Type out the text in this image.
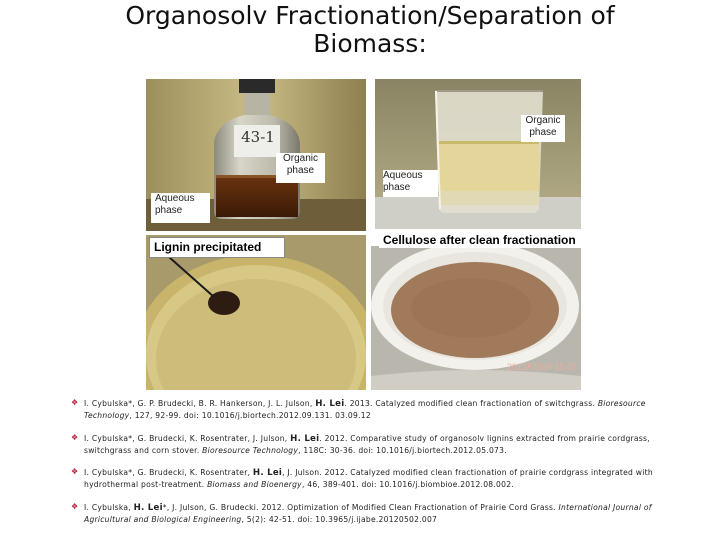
Organosolv Fractionation/Separation of
Biomass:
43-1
Organic phase
Aqueous phase
Organic phase
Aqueous phase
Lignin precipitated
2012/05/09 15:05
Cellulose after clean fractionation
❖ I. Cybulska*, G. P. Brudecki, B. R. Hankerson, J. L. Julson, H. Lei. 2013. Catalyzed modified clean fractionation of switchgrass. Bioresource Technology, 127, 92-99. doi: 10.1016/j.biortech.2012.09.131. 03.09.12
❖ I. Cybulska*, G. Brudecki, K. Rosentrater, J. Julson, H. Lei. 2012. Comparative study of organosolv lignins extracted from prairie cordgrass, switchgrass and corn stover. Bioresource Technology, 118C: 30-36. doi: 10.1016/j.biortech.2012.05.073.
❖ I. Cybulska*, G. Brudecki, K. Rosentrater, H. Lei, J. Julson. 2012. Catalyzed modified clean fractionation of prairie cordgrass integrated with hydrothermal post-treatment. Biomass and Bioenergy, 46, 389-401. doi: 10.1016/j.biombioe.2012.08.002.
❖ I. Cybulska, H. Lei*, J. Julson, G. Brudecki. 2012. Optimization of Modified Clean Fractionation of Prairie Cord Grass. International Journal of Agricultural and Biological Engineering, 5(2): 42-51. doi: 10.3965/j.ijabe.20120502.007
